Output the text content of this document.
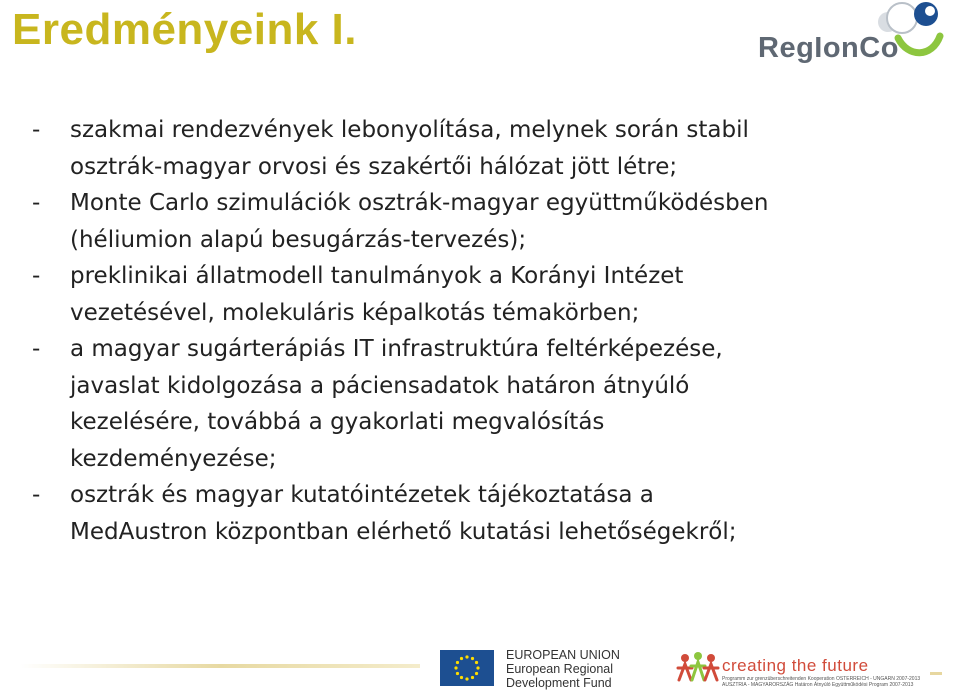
Eredményeink I.	RegIonCo
- szakmai rendezvények lebonyolítása, melynek során stabil
osztrák-magyar orvosi és szakértői hálózat jött létre;
- Monte Carlo szimulációk osztrák-magyar együttműködésben
(héliumion alapú besugárzás-tervezés);
- preklinikai állatmodell tanulmányok a Korányi Intézet
vezetésével, molekuláris képalkotás témakörben;
- a magyar sugárterápiás IT infrastruktúra feltérképezése,
javaslat kidolgozása a páciensadatok határon átnyúló
kezelésére, továbbá a gyakorlati megvalósítás
kezdeményezése;
- osztrák és magyar kutatóintézetek tájékoztatása a
MedAustron központban elérhető kutatási lehetőségekről;
EUROPEAN UNION
European Regional
Development Fund
creating the future
Programm zur grenzüberschreitenden Kooperation ÖSTERREICH - UNGARN 2007-2013
AUSZTRIA - MAGYARORSZÁG Határon Átnyúló Együttműködési Program 2007-2013
